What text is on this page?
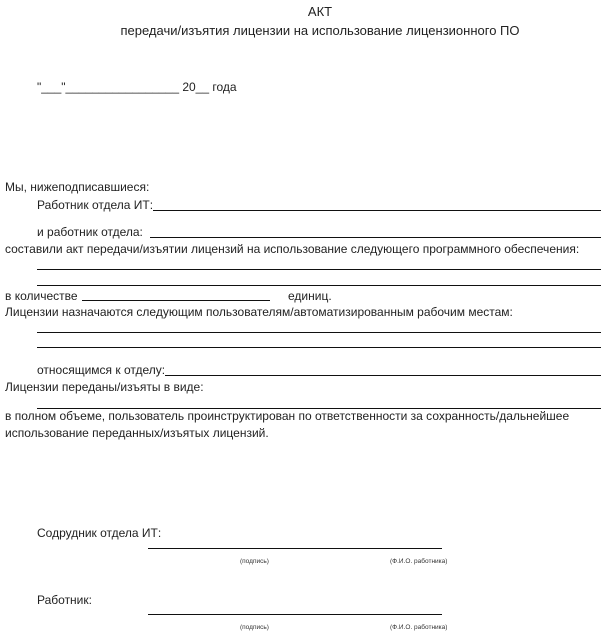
АКТ
передачи/изъятия лицензии на использование лицензионного ПО
"___"_________________ 20__ года
Мы, нижеподписавшиеся:
Работник отдела ИТ:
и работник отдела:
составили акт передачи/изъятии лицензий на использование следующего программного обеспечения:
в количестве	единиц.
Лицензии назначаются следующим пользователям/автоматизированным рабочим местам:
относящимся к отделу:
Лицензии переданы/изъяты в виде:
в полном объеме, пользователь проинструктирован по ответственности за сохранность/дальнейшее
использование переданных/изъятых лицензий.
Содрудник отдела ИТ:
(подпись)	(Ф.И.О. работника)
Работник:
(подпись)	(Ф.И.О. работника)
